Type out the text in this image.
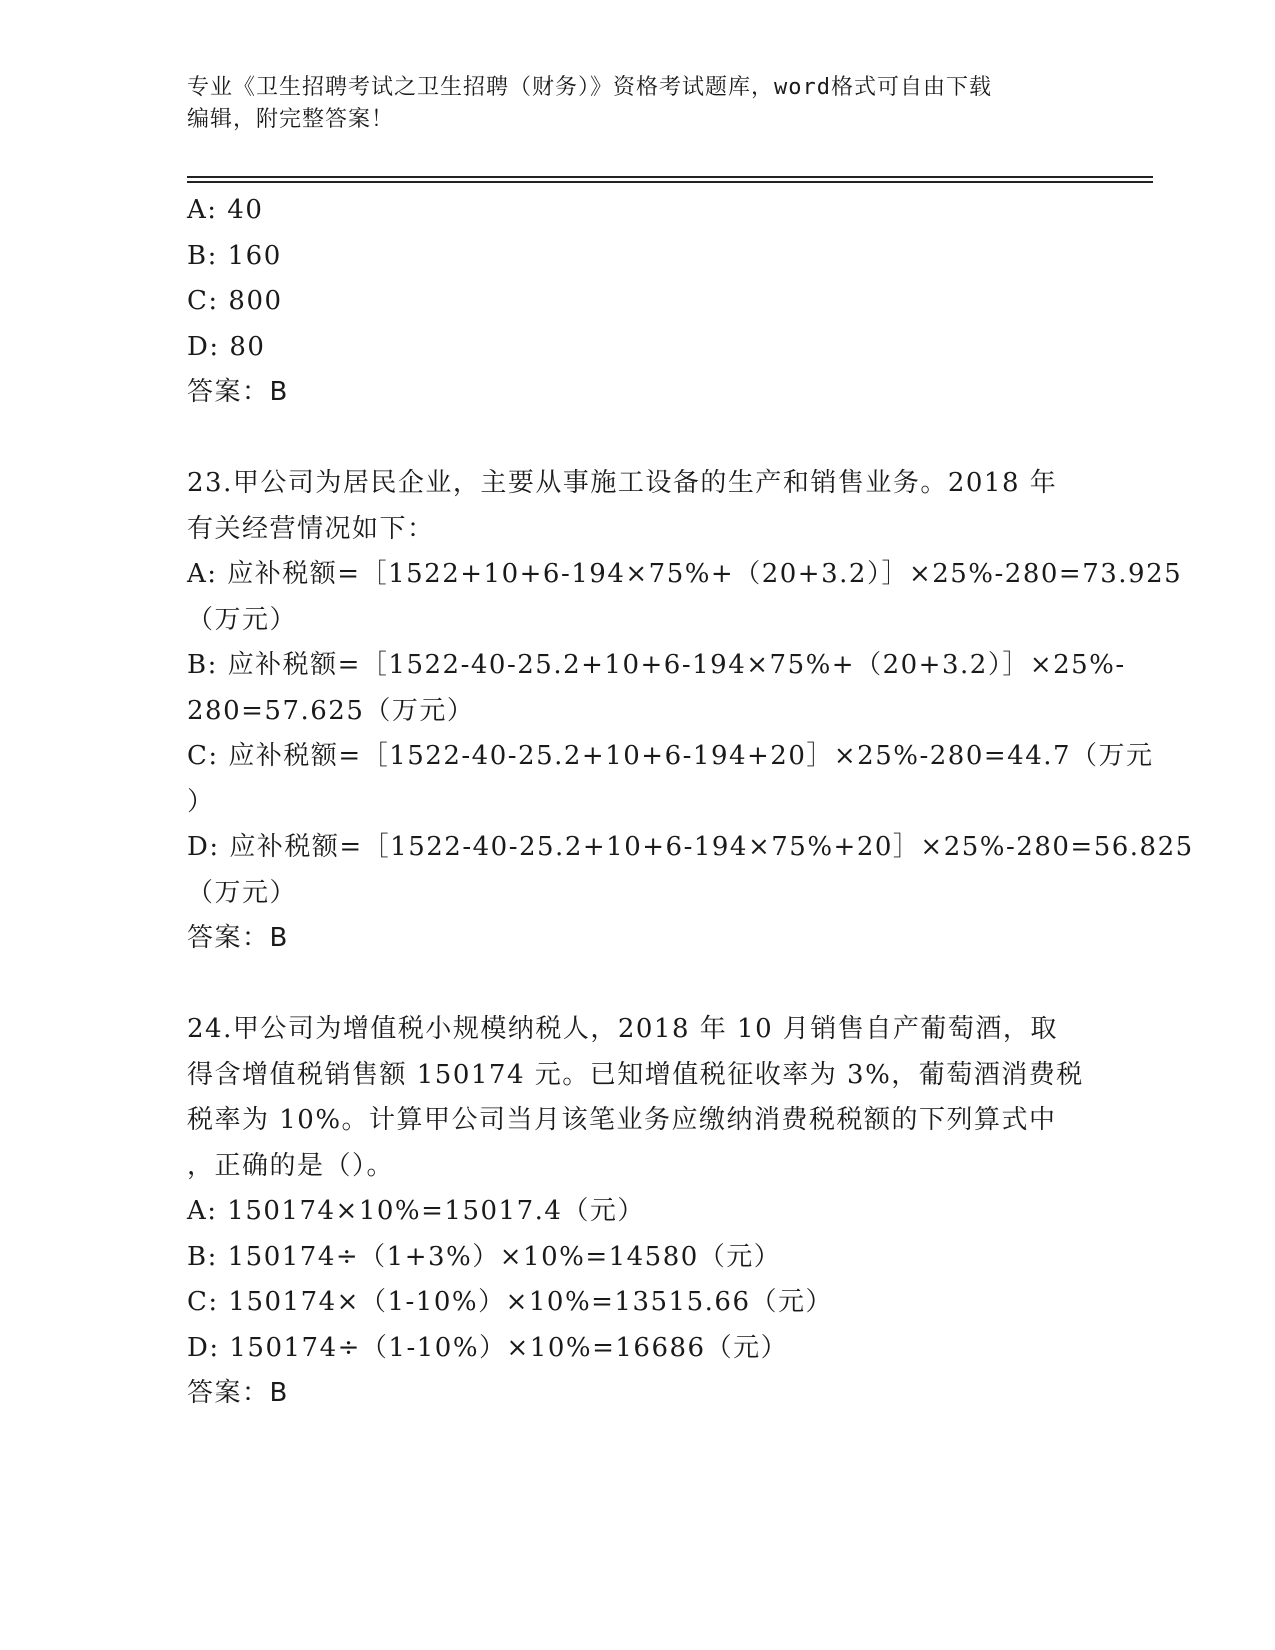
专业《卫生招聘考试之卫生招聘（财务）》资格考试题库，word格式可自由下载
编辑，附完整答案！
A: 40
B: 160
C: 800
D: 80
答案：B
23.甲公司为居民企业，主要从事施工设备的生产和销售业务。2018 年
有关经营情况如下：
A: 应补税额=［1522+10+6-194×75%+（20+3.2）］×25%-280=73.925
（万元）
B: 应补税额=［1522-40-25.2+10+6-194×75%+（20+3.2）］×25%-
280=57.625（万元）
C: 应补税额=［1522-40-25.2+10+6-194+20］×25%-280=44.7（万元
）
D: 应补税额=［1522-40-25.2+10+6-194×75%+20］×25%-280=56.825
（万元）
答案：B
24.甲公司为增值税小规模纳税人，2018 年 10 月销售自产葡萄酒，取
得含增值税销售额 150174 元。已知增值税征收率为 3%，葡萄酒消费税
税率为 10%。计算甲公司当月该笔业务应缴纳消费税税额的下列算式中
，正确的是（）。
A: 150174×10%=15017.4（元）
B: 150174÷（1+3%）×10%=14580（元）
C: 150174×（1-10%）×10%=13515.66（元）
D: 150174÷（1-10%）×10%=16686（元）
答案：B
